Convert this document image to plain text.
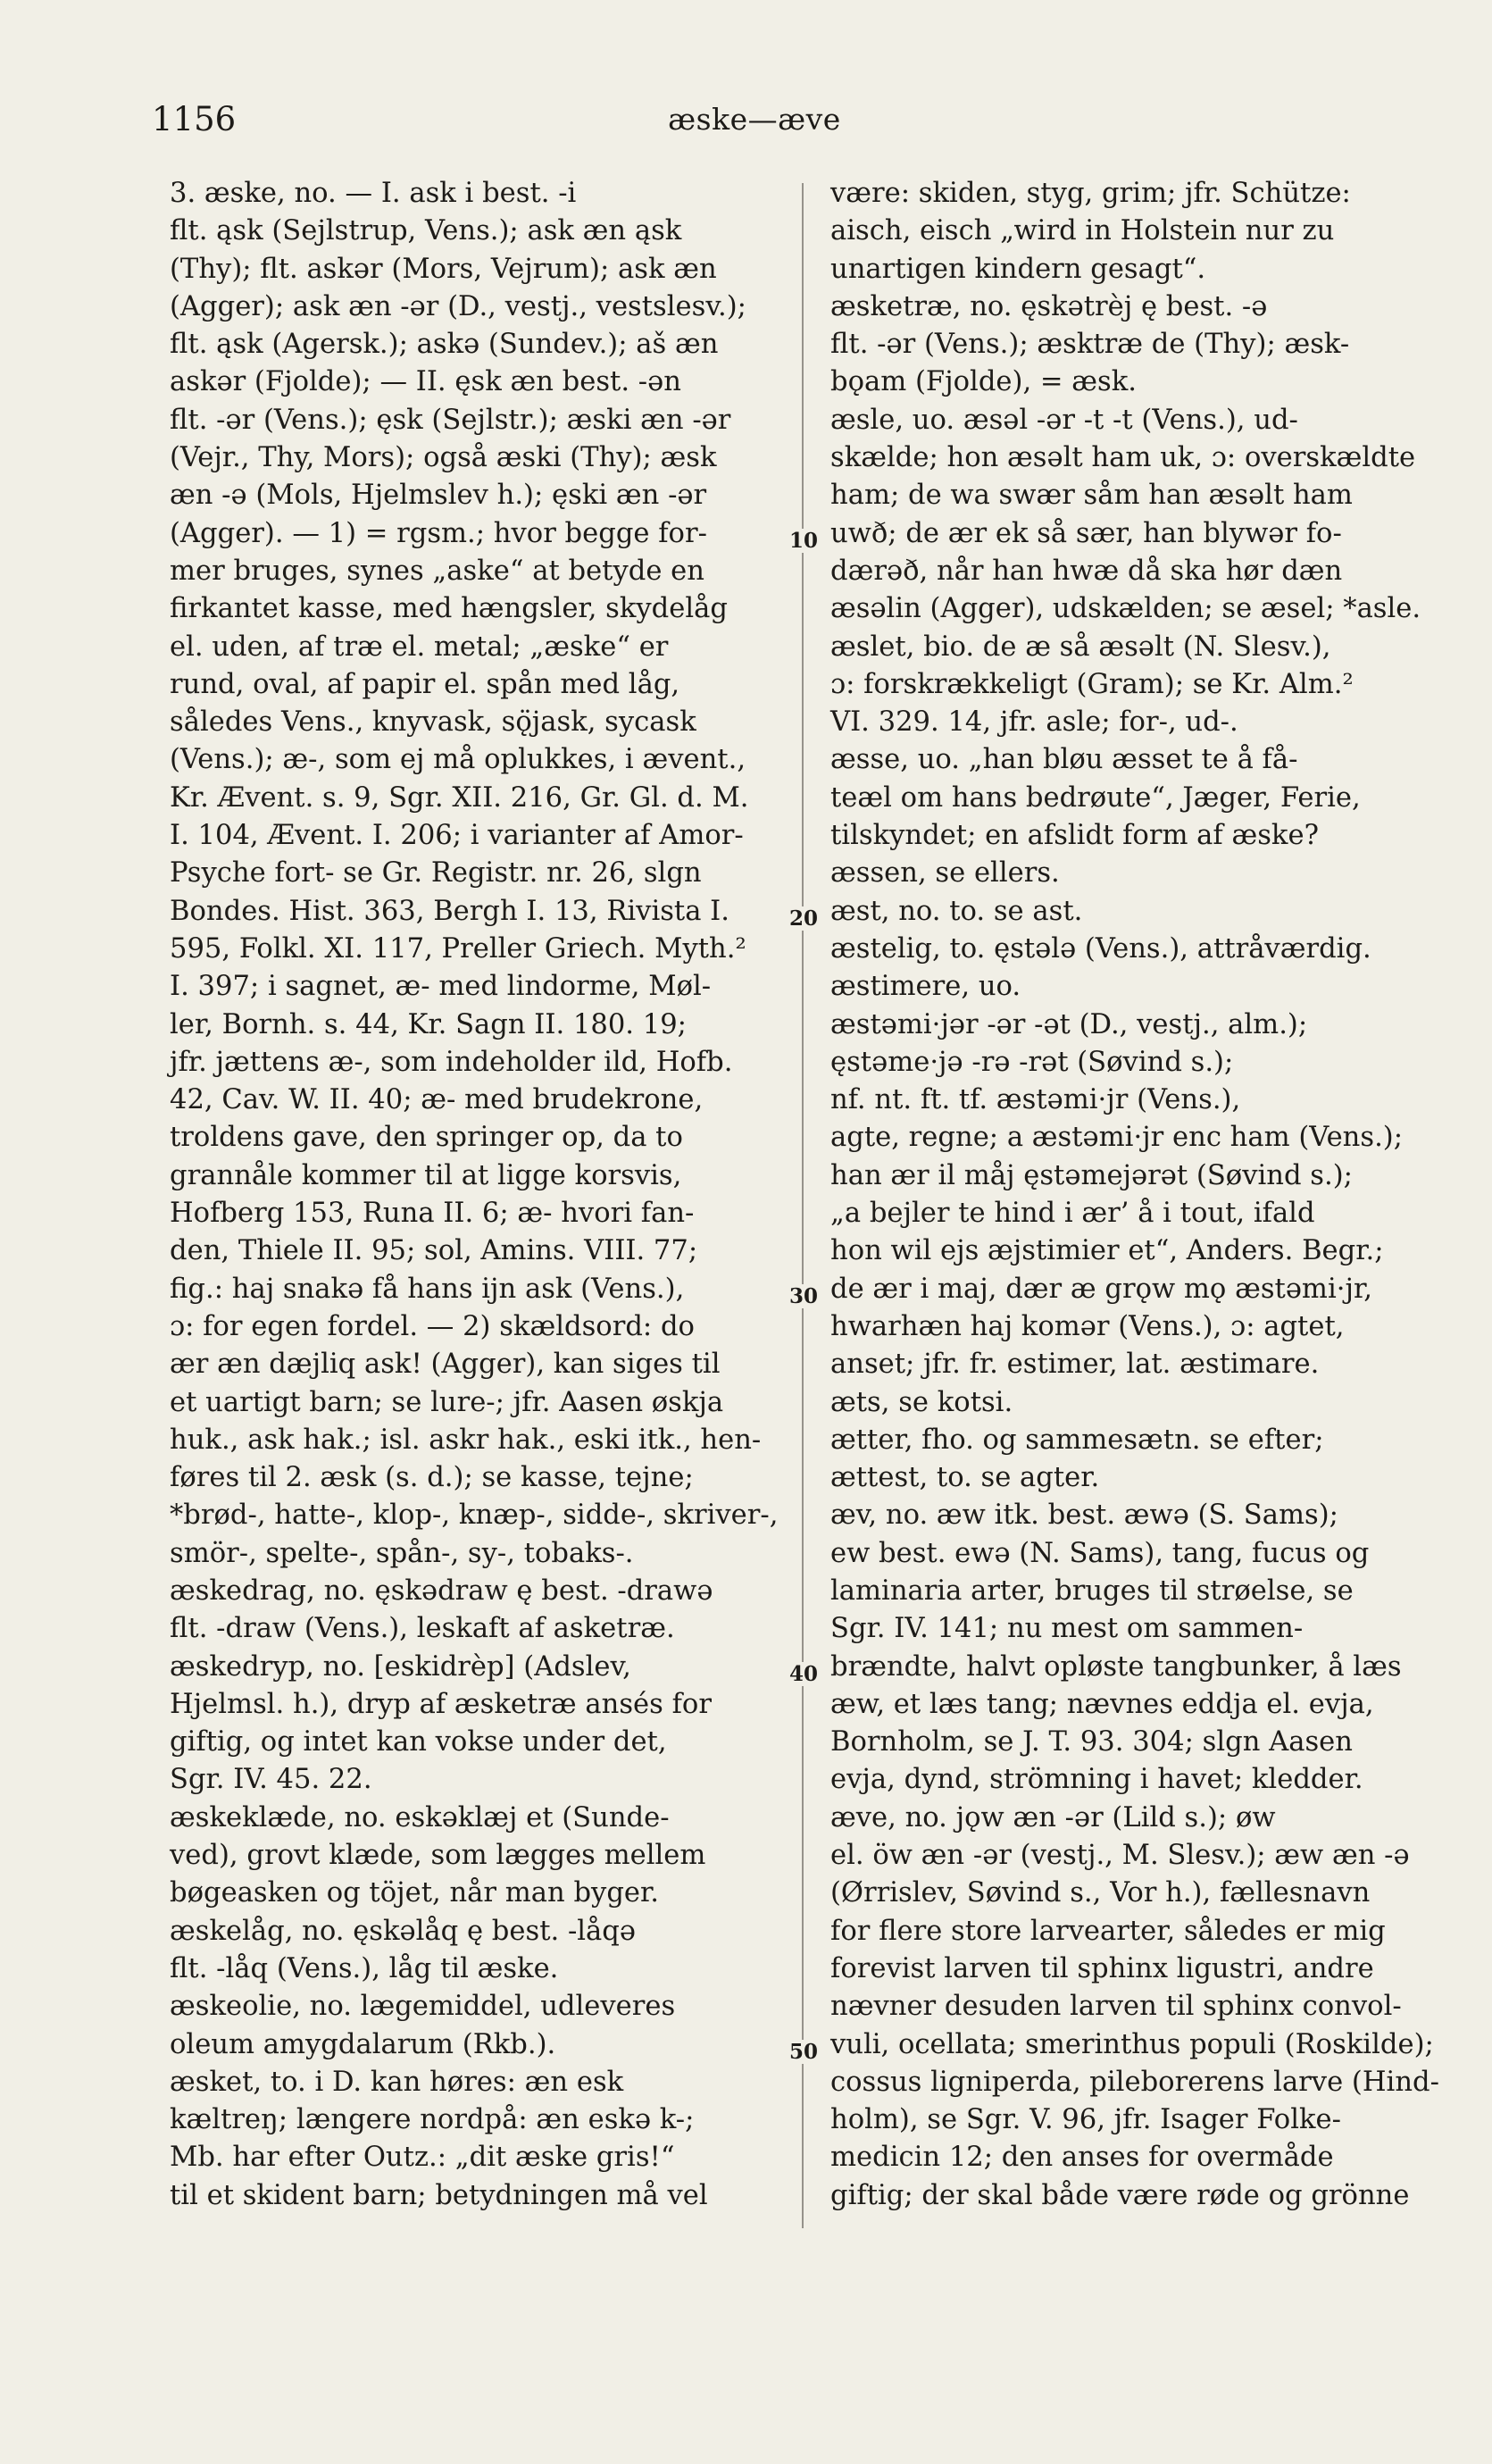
1156	æske—æve
10
20
30
40
50
3. æske, no. — I. ask i best. -i
flt. ąsk (Sejlstrup, Vens.); ask æn ąsk
(Thy); flt. askər (Mors, Vejrum); ask æn
(Agger); ask æn -ər (D., vestj., vestslesv.);
flt. ąsk (Agersk.); askə (Sundev.); aš æn
askər (Fjolde); — II. ęsk æn best. -ən
flt. -ər (Vens.); ęsk (Sejlstr.); æski æn -ər
(Vejr., Thy, Mors); også æski (Thy); æsk
æn -ə (Mols, Hjelmslev h.); ęski æn -ər
(Agger). — 1) = rgsm.; hvor begge for-
mer bruges, synes „aske“ at betyde en
firkantet kasse, med hængsler, skydelåg
el. uden, af træ el. metal; „æske“ er
rund, oval, af papir el. spån med låg,
således Vens., knyvask, sǫ̈jask, sycask
(Vens.); æ-, som ej må oplukkes, i ævent.,
Kr. Ævent. s. 9, Sgr. XII. 216, Gr. Gl. d. M.
I. 104, Ævent. I. 206; i varianter af Amor-
Psyche fort- se Gr. Registr. nr. 26, slgn
Bondes. Hist. 363, Bergh I. 13, Rivista I.
595, Folkl. XI. 117, Preller Griech. Myth.²
I. 397; i sagnet, æ- med lindorme, Møl-
ler, Bornh. s. 44, Kr. Sagn II. 180. 19;
jfr. jættens æ-, som indeholder ild, Hofb.
42, Cav. W. II. 40; æ- med brudekrone,
troldens gave, den springer op, da to
grannåle kommer til at ligge korsvis,
Hofberg 153, Runa II. 6; æ- hvori fan-
den, Thiele II. 95; sol, Amins. VIII. 77;
fig.: haj snakə få hans ijn ask (Vens.),
ɔ: for egen fordel. — 2) skældsord: do
ær æn dæjliq ask! (Agger), kan siges til
et uartigt barn; se lure-; jfr. Aasen øskja
huk., ask hak.; isl. askr hak., eski itk., hen-
føres til 2. æsk (s. d.); se kasse, tejne;
*brød-, hatte-, klop-, knæp-, sidde-, skriver-,
smör-, spelte-, spån-, sy-, tobaks-.
æskedrag, no. ęskədraw ę best. -drawə
flt. -draw (Vens.), leskaft af asketræ.
æskedryp, no. [eskidrèp] (Adslev,
Hjelmsl. h.), dryp af æsketræ ansés for
giftig, og intet kan vokse under det,
Sgr. IV. 45. 22.
æskeklæde, no. eskəklæj et (Sunde-
ved), grovt klæde, som lægges mellem
bøgeasken og töjet, når man byger.
æskelåg, no. ęskəlåq ę best. -låqə
flt. -låq (Vens.), låg til æske.
æskeolie, no. lægemiddel, udleveres
oleum amygdalarum (Rkb.).
æsket, to. i D. kan høres: æn esk
kæltreŋ; længere nordpå: æn eskə k-;
Mb. har efter Outz.: „dit æske gris!“
til et skident barn; betydningen må vel
være: skiden, styg, grim; jfr. Schütze:
aisch, eisch „wird in Holstein nur zu
unartigen kindern gesagt“.
æsketræ, no. ęskətrèj ę best. -ə
flt. -ər (Vens.); æsktræ de (Thy); æsk-
bǫam (Fjolde), = æsk.
æsle, uo. æsəl -ər -t -t (Vens.), ud-
skælde; hon æsəlt ham uk, ɔ: overskældte
ham; de wa swær såm han æsəlt ham
uwð; de ær ek så sær, han blywər fo-
dærəð, når han hwæ då ska hør dæn
æsəlin (Agger), udskælden; se æsel; *asle.
æslet, bio. de æ så æsəlt (N. Slesv.),
ɔ: forskrækkeligt (Gram); se Kr. Alm.²
VI. 329. 14, jfr. asle; for-, ud-.
æsse, uo. „han bløu æsset te å få-
teæl om hans bedrøute“, Jæger, Ferie,
tilskyndet; en afslidt form af æske?
æssen, se ellers.
æst, no. to. se ast.
æstelig, to. ęstələ (Vens.), attråværdig.
æstimere, uo.
æstəmi·jər -ər -ət (D., vestj., alm.);
ęstəme·jə -rə -rət (Søvind s.);
nf. nt. ft. tf. æstəmi·jr (Vens.),
agte, regne; a æstəmi·jr enc ham (Vens.);
han ær il måj ęstəmejərət (Søvind s.);
„a bejler te hind i ær’ å i tout, ifald
hon wil ejs æjstimier et“, Anders. Begr.;
de ær i maj, dær æ grǫw mǫ æstəmi·jr,
hwarhæn haj komər (Vens.), ɔ: agtet,
anset; jfr. fr. estimer, lat. æstimare.
æts, se kotsi.
ætter, fho. og sammesætn. se efter;
ættest, to. se agter.
æv, no. æw itk. best. æwə (S. Sams);
ew best. ewə (N. Sams), tang, fucus og
laminaria arter, bruges til strøelse, se
Sgr. IV. 141; nu mest om sammen-
brændte, halvt opløste tangbunker, å læs
æw, et læs tang; nævnes eddja el. evja,
Bornholm, se J. T. 93. 304; slgn Aasen
evja, dynd, strömning i havet; kledder.
æve, no. jǫw æn -ər (Lild s.); øw
el. öw æn -ər (vestj., M. Slesv.); æw æn -ə
(Ørrislev, Søvind s., Vor h.), fællesnavn
for flere store larvearter, således er mig
forevist larven til sphinx ligustri, andre
nævner desuden larven til sphinx convol-
vuli, ocellata; smerinthus populi (Roskilde);
cossus ligniperda, pileborerens larve (Hind-
holm), se Sgr. V. 96, jfr. Isager Folke-
medicin 12; den anses for overmåde
giftig; der skal både være røde og grönne
